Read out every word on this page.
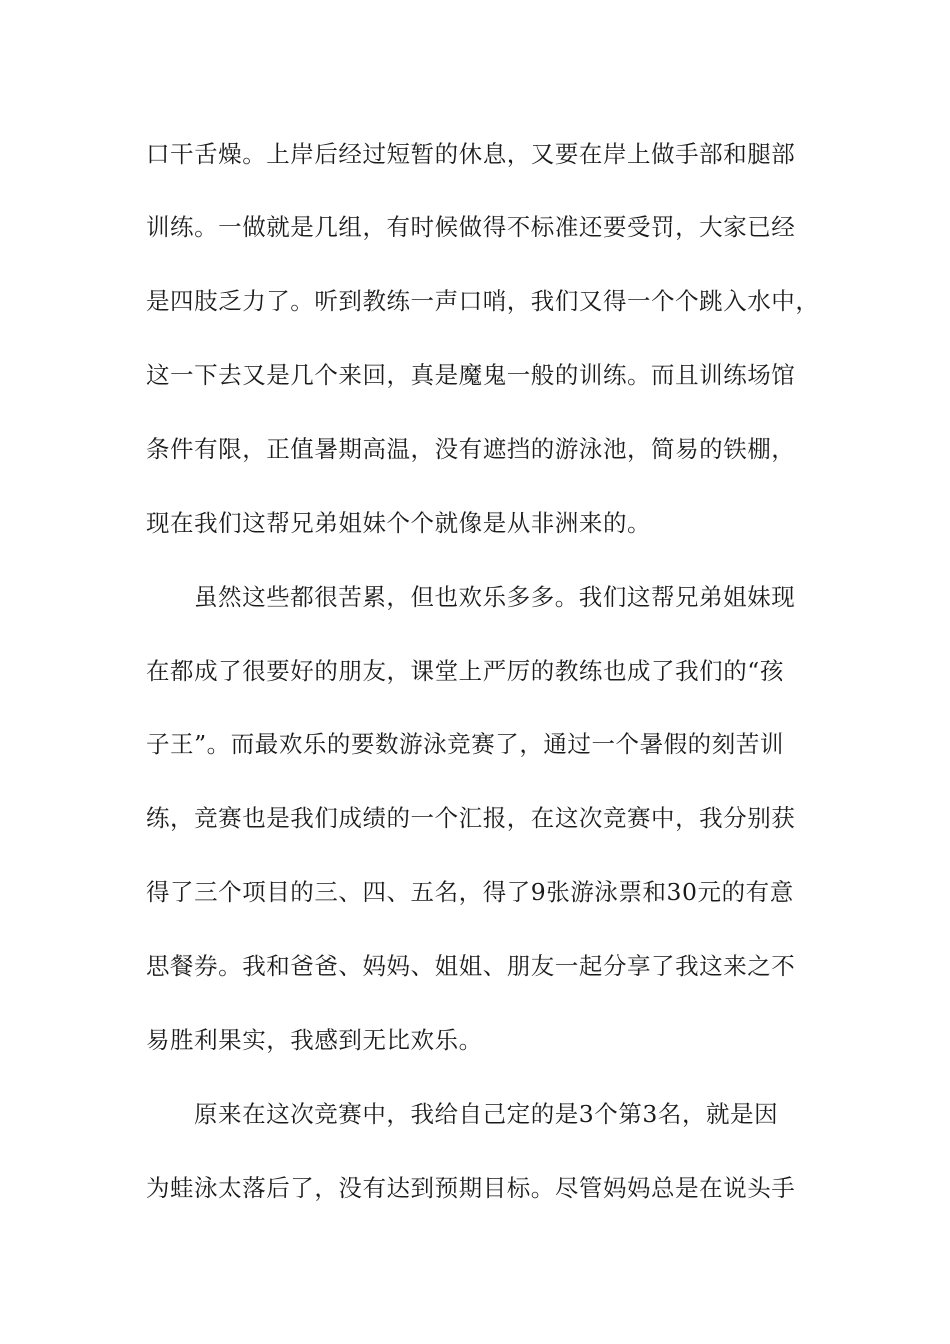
口干舌燥。上岸后经过短暂的休息，又要在岸上做手部和腿部
训练。一做就是几组，有时候做得不标准还要受罚，大家已经
是四肢乏力了。听到教练一声口哨，我们又得一个个跳入水中，
这一下去又是几个来回，真是魔鬼一般的训练。而且训练场馆
条件有限，正值暑期高温，没有遮挡的游泳池，简易的铁棚，
现在我们这帮兄弟姐妹个个就像是从非洲来的。
虽然这些都很苦累，但也欢乐多多。我们这帮兄弟姐妹现
在都成了很要好的朋友，课堂上严厉的教练也成了我们的“孩
子王”。而最欢乐的要数游泳竞赛了，通过一个暑假的刻苦训
练，竞赛也是我们成绩的一个汇报，在这次竞赛中，我分别获
得了三个项目的三、四、五名，得了9张游泳票和30元的有意
思餐券。我和爸爸、妈妈、姐姐、朋友一起分享了我这来之不
易胜利果实，我感到无比欢乐。
原来在这次竞赛中，我给自己定的是3个第3名，就是因
为蛙泳太落后了，没有达到预期目标。尽管妈妈总是在说头手
